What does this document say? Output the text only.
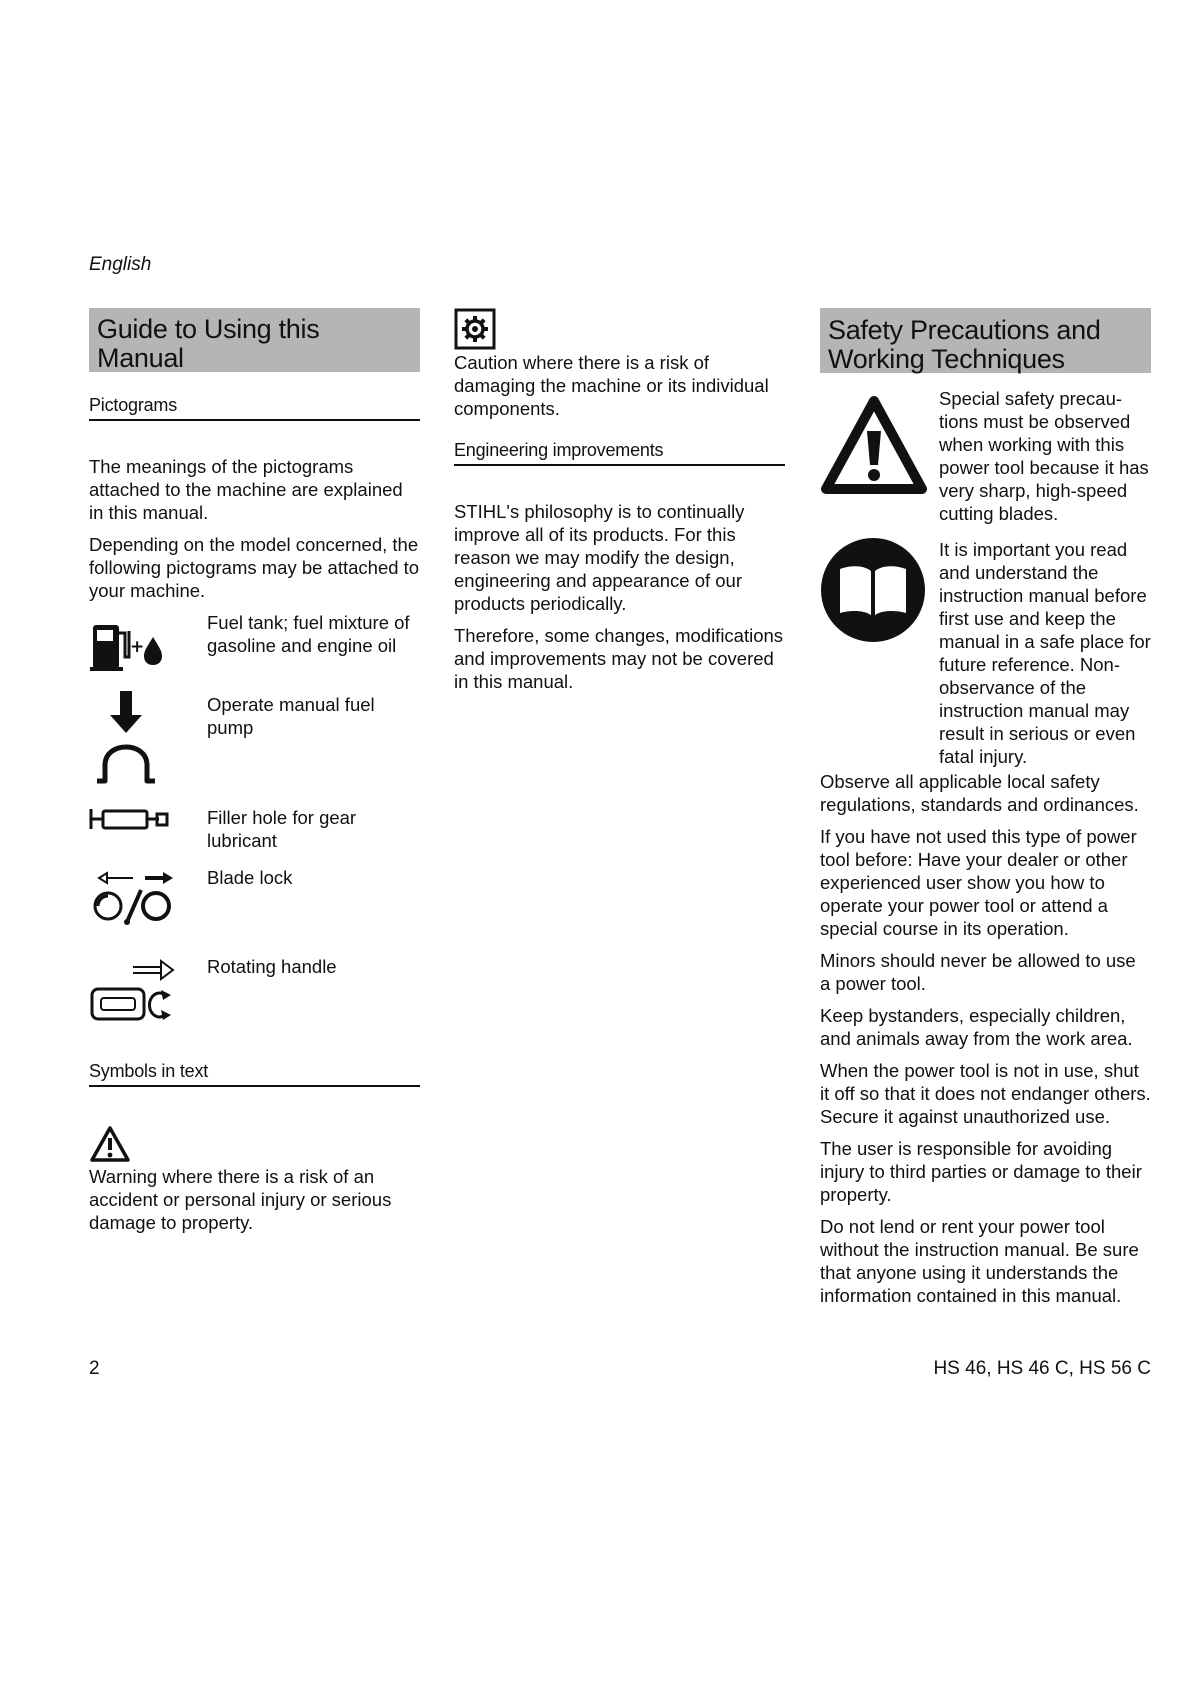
English
Guide to Using this Manual
Pictograms

The meanings of the pictograms attached to the machine are explained in this manual.

Depending on the model concerned, the following pictograms may be attached to your machine.

+
Fuel tank; fuel mixture of gasoline and engine oil
Operate manual fuel pump
Filler hole for gear lubricant
Blade lock
Rotating handle
Symbols in text

Warning where there is a risk of an accident or personal injury or serious damage to property.

Caution where there is a risk of damaging the machine or its individual components.

Engineering improvements

STIHL's philosophy is to continually improve all of its products. For this reason we may modify the design, engineering and appearance of our products periodically.

Therefore, some changes, modifications and improvements may not be covered in this manual.

Safety Precautions and Working Techniques
Special safety precau-tions must be observed when working with this power tool because it has very sharp, high-speed cutting blades.
It is important you read and understand the instruction manual before first use and keep the manual in a safe place for future reference. Non-observance of the instruction manual may result in serious or even fatal injury.

Observe all applicable local safety regulations, standards and ordinances.

If you have not used this type of power tool before: Have your dealer or other experienced user show you how to operate your power tool or attend a special course in its operation.

Minors should never be allowed to use a power tool.

Keep bystanders, especially children, and animals away from the work area.

When the power tool is not in use, shut it off so that it does not endanger others. Secure it against unauthorized use.

The user is responsible for avoiding injury to third parties or damage to their property.

Do not lend or rent your power tool without the instruction manual. Be sure that anyone using it understands the information contained in this manual.

2	HS 46, HS 46 C, HS 56 C
